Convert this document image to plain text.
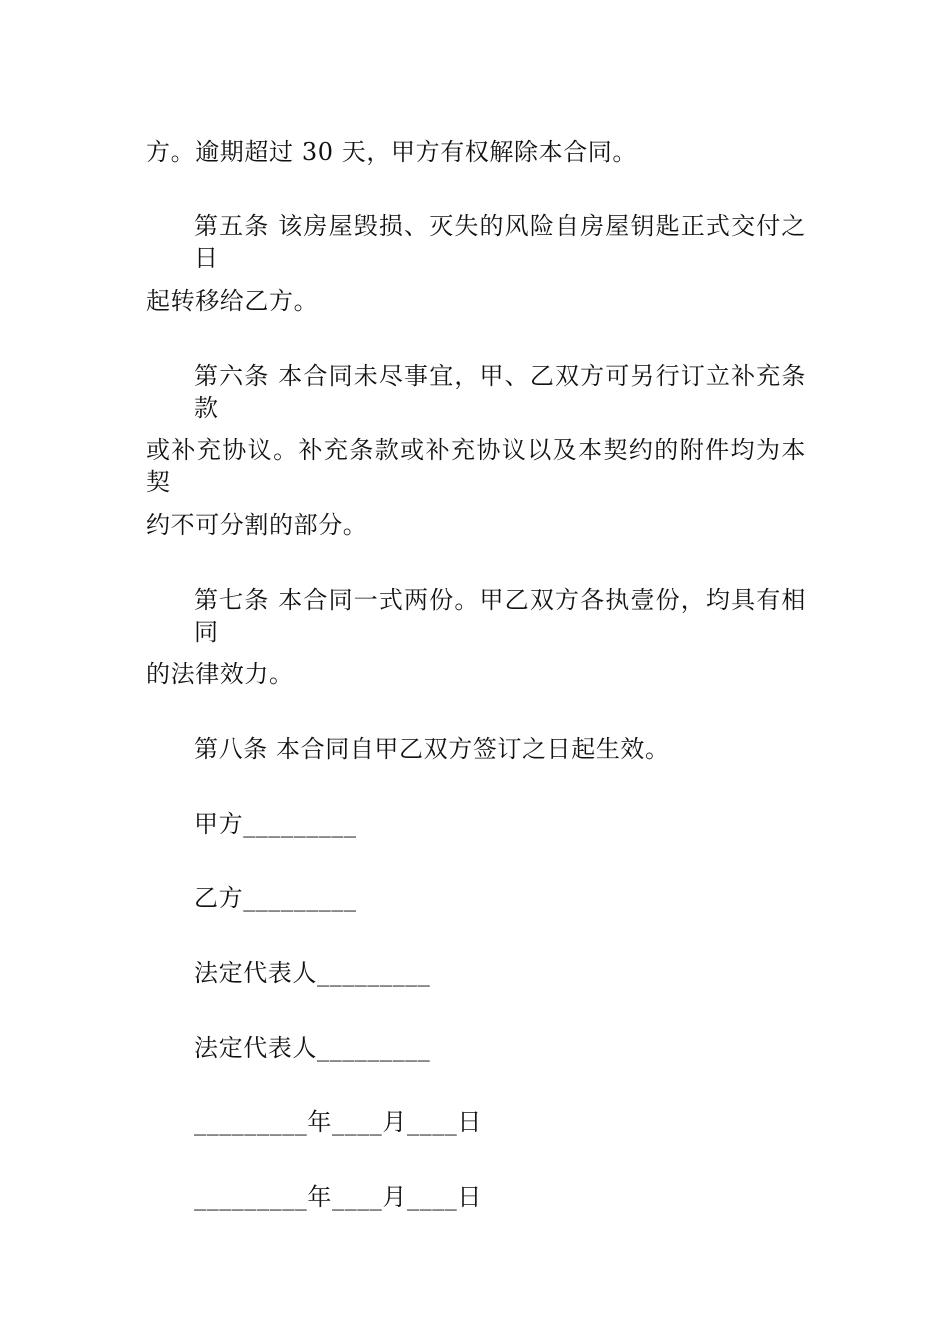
方。逾期超过 30 天，甲方有权解除本合同。
第五条 该房屋毁损、灭失的风险自房屋钥匙正式交付之日
起转移给乙方。
第六条 本合同未尽事宜，甲、乙双方可另行订立补充条款
或补充协议。补充条款或补充协议以及本契约的附件均为本契
约不可分割的部分。
第七条 本合同一式两份。甲乙双方各执壹份，均具有相同
的法律效力。
第八条 本合同自甲乙双方签订之日起生效。
甲方_________
乙方_________
法定代表人_________
法定代表人_________
_________年____月____日
_________年____月____日
